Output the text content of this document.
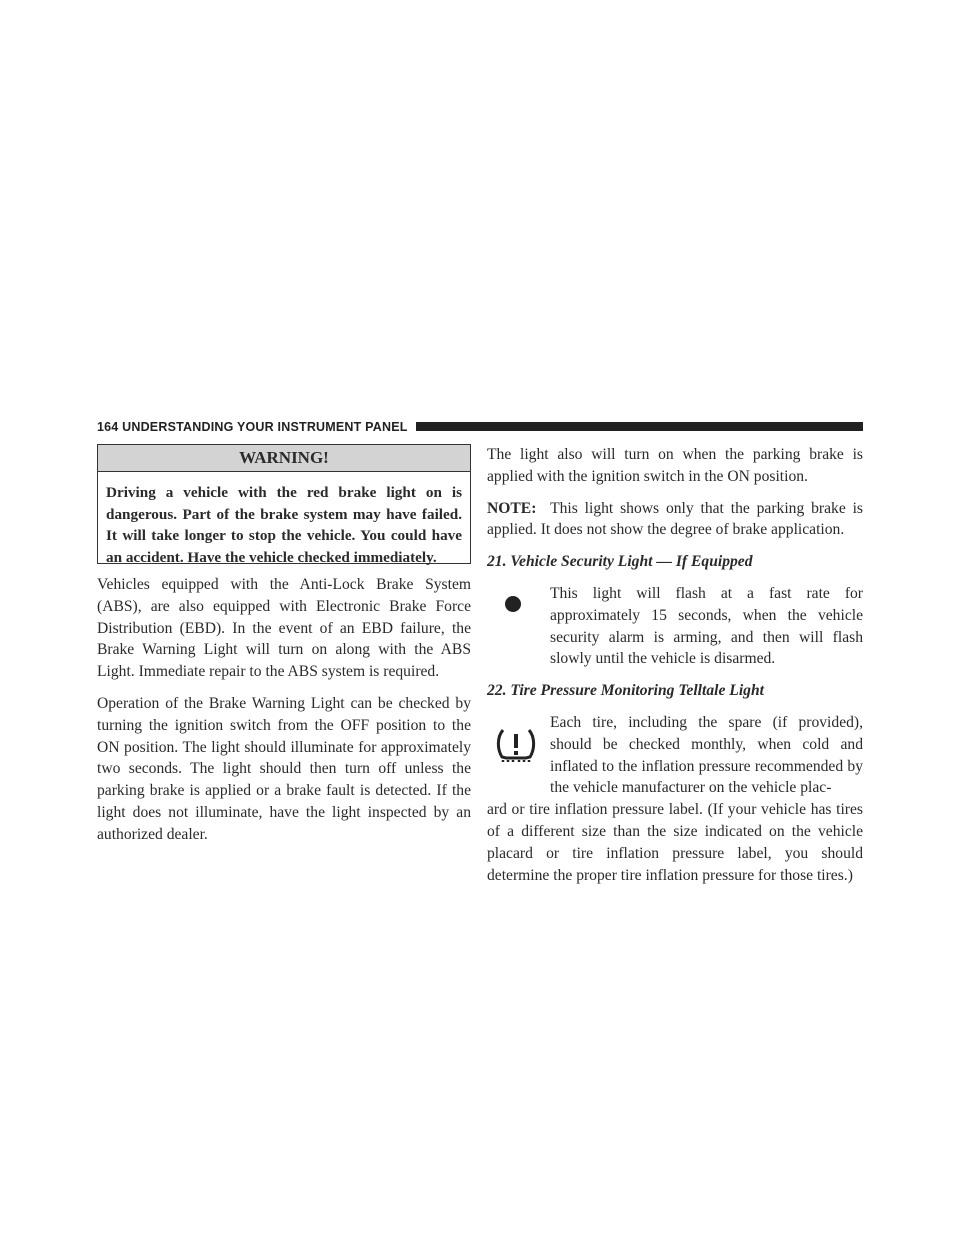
164 UNDERSTANDING YOUR INSTRUMENT PANEL
WARNING!
Driving a vehicle with the red brake light on is dangerous. Part of the brake system may have failed. It will take longer to stop the vehicle. You could have an accident. Have the vehicle checked immediately.

Vehicles equipped with the Anti-Lock Brake System (ABS), are also equipped with Electronic Brake Force Distribution (EBD). In the event of an EBD failure, the Brake Warning Light will turn on along with the ABS Light. Immediate repair to the ABS system is required.

Operation of the Brake Warning Light can be checked by turning the ignition switch from the OFF position to the ON position. The light should illuminate for approximately two seconds. The light should then turn off unless the parking brake is applied or a brake fault is detected. If the light does not illuminate, have the light inspected by an authorized dealer.

The light also will turn on when the parking brake is applied with the ignition switch in the ON position.

NOTE: This light shows only that the parking brake is applied. It does not show the degree of brake application.

21. Vehicle Security Light — If Equipped

This light will flash at a fast rate for approximately 15 seconds, when the vehicle security alarm is arming, and then will flash slowly until the vehicle is disarmed.

22. Tire Pressure Monitoring Telltale Light

Each tire, including the spare (if provided), should be checked monthly, when cold and inflated to the inflation pressure recommended by the vehicle manufacturer on the vehicle plac-
ard or tire inflation pressure label. (If your vehicle has tires of a different size than the size indicated on the vehicle placard or tire inflation pressure label, you should determine the proper tire inflation pressure for those tires.)
